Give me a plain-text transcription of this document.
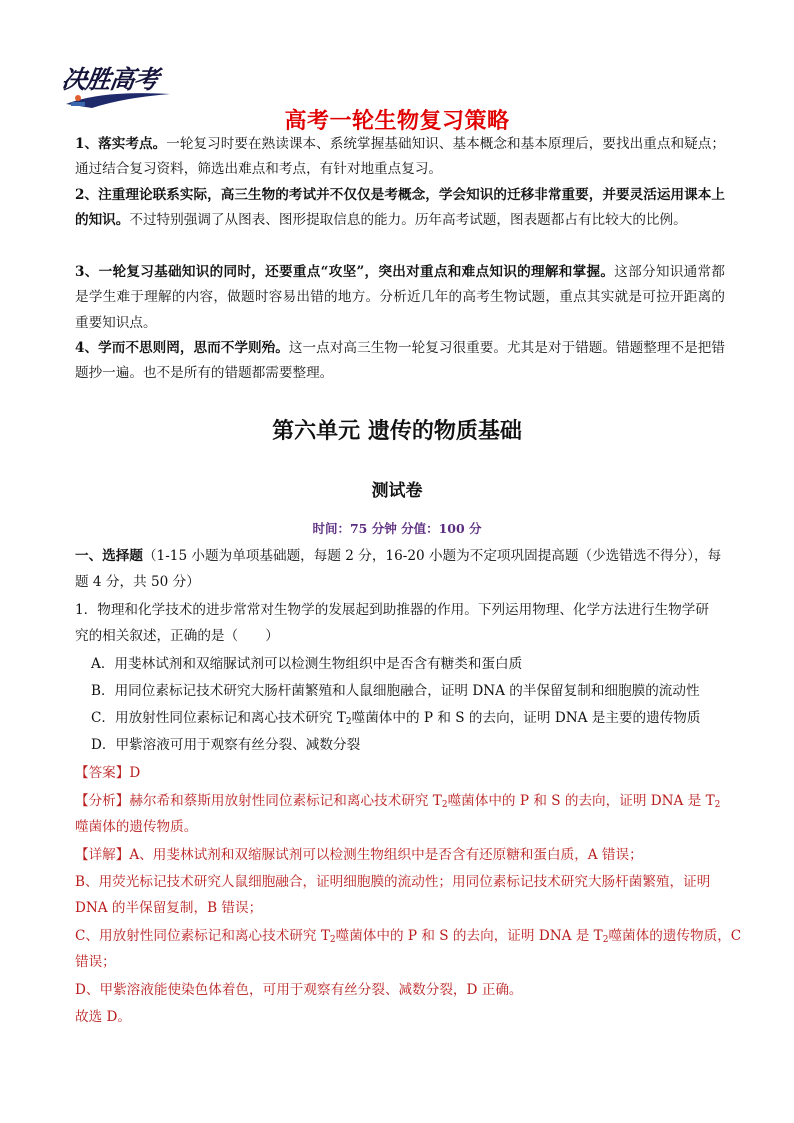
决胜高考
高考一轮生物复习策略
1、落实考点。一轮复习时要在熟读课本、系统掌握基础知识、基本概念和基本原理后，要找出重点和疑点；通过结合复习资料，筛选出难点和考点，有针对地重点复习。
2、注重理论联系实际，高三生物的考试并不仅仅是考概念，学会知识的迁移非常重要，并要灵活运用课本上的知识。不过特别强调了从图表、图形提取信息的能力。历年高考试题，图表题都占有比较大的比例。
3、一轮复习基础知识的同时，还要重点“攻坚”，突出对重点和难点知识的理解和掌握。这部分知识通常都是学生难于理解的内容，做题时容易出错的地方。分析近几年的高考生物试题，重点其实就是可拉开距离的重要知识点。
4、学而不思则罔，思而不学则殆。这一点对高三生物一轮复习很重要。尤其是对于错题。错题整理不是把错题抄一遍。也不是所有的错题都需要整理。
第六单元 遗传的物质基础
测试卷
时间：75 分钟 分值：100 分
一、选择题（1-15 小题为单项基础题，每题 2 分，16-20 小题为不定项巩固提高题（少选错选不得分），每
题 4 分，共 50 分）
1．物理和化学技术的进步常常对生物学的发展起到助推器的作用。下列运用物理、化学方法进行生物学研
究的相关叙述，正确的是（　　）
A．用斐林试剂和双缩脲试剂可以检测生物组织中是否含有糖类和蛋白质
B．用同位素标记技术研究大肠杆菌繁殖和人鼠细胞融合，证明 DNA 的半保留复制和细胞膜的流动性
C．用放射性同位素标记和离心技术研究 $T_2$噬菌体中的 P 和 S 的去向，证明 DNA 是主要的遗传物质
D．甲紫溶液可用于观察有丝分裂、减数分裂
【答案】D
【分析】赫尔希和蔡斯用放射性同位素标记和离心技术研究 $T_2$噬菌体中的 P 和 S 的去向，证明 DNA 是 $T_2$
噬菌体的遗传物质。
【详解】A、用斐林试剂和双缩脲试剂可以检测生物组织中是否含有还原糖和蛋白质，A 错误；
B、用荧光标记技术研究人鼠细胞融合，证明细胞膜的流动性；用同位素标记技术研究大肠杆菌繁殖，证明
DNA 的半保留复制，B 错误；
C、用放射性同位素标记和离心技术研究 $T_2$噬菌体中的 P 和 S 的去向，证明 DNA 是 $T_2$噬菌体的遗传物质，C
错误；
D、甲紫溶液能使染色体着色，可用于观察有丝分裂、减数分裂，D 正确。
故选 D。
